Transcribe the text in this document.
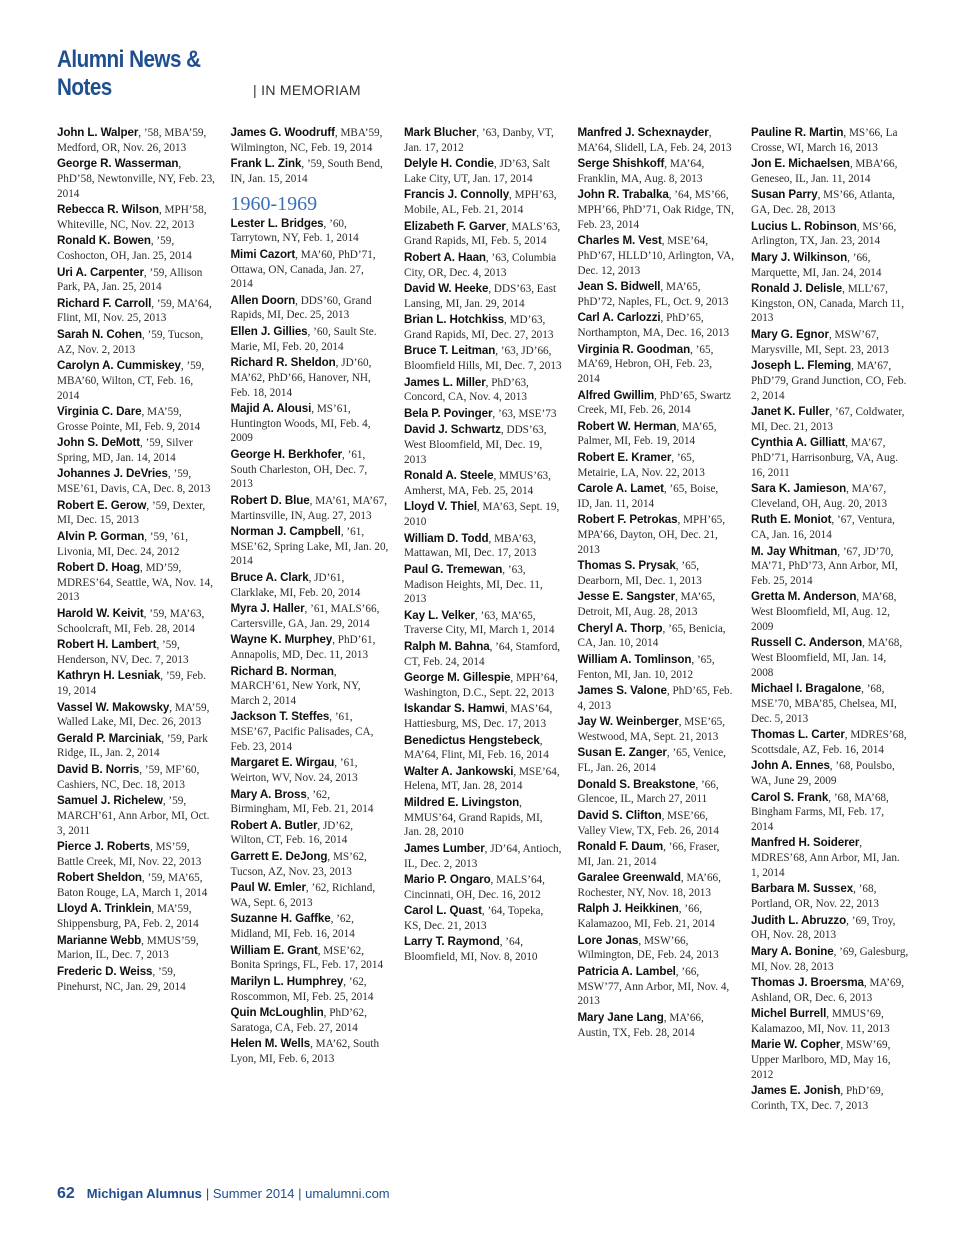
Alumni News & Notes	| IN MEMORIAM
John L. Walper, ’58, MBA’59, Medford, OR, Nov. 26, 2013
George R. Wasserman, PhD’58, Newtonville, NY, Feb. 23, 2014
Rebecca R. Wilson, MPH’58, Whiteville, NC, Nov. 22, 2013
Ronald K. Bowen, ’59, Coshocton, OH, Jan. 25, 2014
Uri A. Carpenter, ’59, Allison Park, PA, Jan. 25, 2014
Richard F. Carroll, ’59, MA’64, Flint, MI, Nov. 25, 2013
Sarah N. Cohen, ’59, Tucson, AZ, Nov. 2, 2013
Carolyn A. Cummiskey, ’59, MBA’60, Wilton, CT, Feb. 16, 2014
Virginia C. Dare, MA’59, Grosse Pointe, MI, Feb. 9, 2014
John S. DeMott, ’59, Silver Spring, MD, Jan. 14, 2014
Johannes J. DeVries, ’59, MSE’61, Davis, CA, Dec. 8, 2013
Robert E. Gerow, ’59, Dexter, MI, Dec. 15, 2013
Alvin P. Gorman, ’59, ’61, Livonia, MI, Dec. 24, 2012
Robert D. Hoag, MD’59, MDRES’64, Seattle, WA, Nov. 14, 2013
Harold W. Keivit, ’59, MA’63, Schoolcraft, MI, Feb. 28, 2014
Robert H. Lambert, ’59, Henderson, NV, Dec. 7, 2013
Kathryn H. Lesniak, ’59, Feb. 19, 2014
Vassel W. Makowsky, MA’59, Walled Lake, MI, Dec. 26, 2013
Gerald P. Marciniak, ’59, Park Ridge, IL, Jan. 2, 2014
David B. Norris, ’59, MF’60, Cashiers, NC, Dec. 18, 2013
Samuel J. Richelew, ’59, MARCH’61, Ann Arbor, MI, Oct. 3, 2011
Pierce J. Roberts, MS’59, Battle Creek, MI, Nov. 22, 2013
Robert Sheldon, ’59, MA’65, Baton Rouge, LA, March 1, 2014
Lloyd A. Trinklein, MA’59, Shippensburg, PA, Feb. 2, 2014
Marianne Webb, MMUS’59, Marion, IL, Dec. 7, 2013
Frederic D. Weiss, ’59, Pinehurst, NC, Jan. 29, 2014
James G. Woodruff, MBA’59, Wilmington, NC, Feb. 19, 2014
Frank L. Zink, ’59, South Bend, IN, Jan. 15, 2014
1960-1969
Lester L. Bridges, ’60, Tarrytown, NY, Feb. 1, 2014
Mimi Cazort, MA’60, PhD’71, Ottawa, ON, Canada, Jan. 27, 2014
Allen Doorn, DDS’60, Grand Rapids, MI, Dec. 25, 2013
Ellen J. Gillies, ’60, Sault Ste. Marie, MI, Feb. 20, 2014
Richard R. Sheldon, JD’60, MA’62, PhD’66, Hanover, NH, Feb. 18, 2014
Majid A. Alousi, MS’61, Huntington Woods, MI, Feb. 4, 2009
George H. Berkhofer, ’61, South Charleston, OH, Dec. 7, 2013
Robert D. Blue, MA’61, MA’67, Martinsville, IN, Aug. 27, 2013
Norman J. Campbell, ’61, MSE’62, Spring Lake, MI, Jan. 20, 2014
Bruce A. Clark, JD’61, Clarklake, MI, Feb. 20, 2014
Myra J. Haller, ’61, MALS’66, Cartersville, GA, Jan. 29, 2014
Wayne K. Murphey, PhD’61, Annapolis, MD, Dec. 11, 2013
Richard B. Norman, MARCH’61, New York, NY, March 2, 2014
Jackson T. Steffes, ’61, MSE’67, Pacific Palisades, CA, Feb. 23, 2014
Margaret E. Wirgau, ’61, Weirton, WV, Nov. 24, 2013
Mary A. Bross, ’62, Birmingham, MI, Feb. 21, 2014
Robert A. Butler, JD’62, Wilton, CT, Feb. 16, 2014
Garrett E. DeJong, MS’62, Tucson, AZ, Nov. 23, 2013
Paul W. Emler, ’62, Richland, WA, Sept. 6, 2013
Suzanne H. Gaffke, ’62, Midland, MI, Feb. 16, 2014
William E. Grant, MSE’62, Bonita Springs, FL, Feb. 17, 2014
Marilyn L. Humphrey, ’62, Roscommon, MI, Feb. 25, 2014
Quin McLoughlin, PhD’62, Saratoga, CA, Feb. 27, 2014
Helen M. Wells, MA’62, South Lyon, MI, Feb. 6, 2013
Mark Blucher, ’63, Danby, VT, Jan. 17, 2012
Delyle H. Condie, JD’63, Salt Lake City, UT, Jan. 17, 2014
Francis J. Connolly, MPH’63, Mobile, AL, Feb. 21, 2014
Elizabeth F. Garver, MALS’63, Grand Rapids, MI, Feb. 5, 2014
Robert A. Haan, ’63, Columbia City, OR, Dec. 4, 2013
David W. Heeke, DDS’63, East Lansing, MI, Jan. 29, 2014
Brian L. Hotchkiss, MD’63, Grand Rapids, MI, Dec. 27, 2013
Bruce T. Leitman, ’63, JD’66, Bloomfield Hills, MI, Dec. 7, 2013
James L. Miller, PhD’63, Concord, CA, Nov. 4, 2013
Bela P. Povinger, ’63, MSE’73
David J. Schwartz, DDS’63, West Bloomfield, MI, Dec. 19, 2013
Ronald A. Steele, MMUS’63, Amherst, MA, Feb. 25, 2014
Lloyd V. Thiel, MA’63, Sept. 19, 2010
William D. Todd, MBA’63, Mattawan, MI, Dec. 17, 2013
Paul G. Tremewan, ’63, Madison Heights, MI, Dec. 11, 2013
Kay L. Velker, ’63, MA’65, Traverse City, MI, March 1, 2014
Ralph M. Bahna, ’64, Stamford, CT, Feb. 24, 2014
George M. Gillespie, MPH’64, Washington, D.C., Sept. 22, 2013
Iskandar S. Hamwi, MAS’64, Hattiesburg, MS, Dec. 17, 2013
Benedictus Hengstebeck, MA’64, Flint, MI, Feb. 16, 2014
Walter A. Jankowski, MSE’64, Helena, MT, Jan. 28, 2014
Mildred E. Livingston, MMUS’64, Grand Rapids, MI, Jan. 28, 2010
James Lumber, JD’64, Antioch, IL, Dec. 2, 2013
Mario P. Ongaro, MALS’64, Cincinnati, OH, Dec. 16, 2012
Carol L. Quast, ’64, Topeka, KS, Dec. 21, 2013
Larry T. Raymond, ’64, Bloomfield, MI, Nov. 8, 2010
Manfred J. Schexnayder, MA’64, Slidell, LA, Feb. 24, 2013
Serge Shishkoff, MA’64, Franklin, MA, Aug. 8, 2013
John R. Trabalka, ’64, MS’66, MPH’66, PhD’71, Oak Ridge, TN, Feb. 23, 2014
Charles M. Vest, MSE’64, PhD’67, HLLD’10, Arlington, VA, Dec. 12, 2013
Jean S. Bidwell, MA’65, PhD’72, Naples, FL, Oct. 9, 2013
Carl A. Carlozzi, PhD’65, Northampton, MA, Dec. 16, 2013
Virginia R. Goodman, ’65, MA’69, Hebron, OH, Feb. 23, 2014
Alfred Gwillim, PhD’65, Swartz Creek, MI, Feb. 26, 2014
Robert W. Herman, MA’65, Palmer, MI, Feb. 19, 2014
Robert E. Kramer, ’65, Metairie, LA, Nov. 22, 2013
Carole A. Lamet, ’65, Boise, ID, Jan. 11, 2014
Robert F. Petrokas, MPH’65, MPA’66, Dayton, OH, Dec. 21, 2013
Thomas S. Prysak, ’65, Dearborn, MI, Dec. 1, 2013
Jesse E. Sangster, MA’65, Detroit, MI, Aug. 28, 2013
Cheryl A. Thorp, ’65, Benicia, CA, Jan. 10, 2014
William A. Tomlinson, ’65, Fenton, MI, Jan. 10, 2012
James S. Valone, PhD’65, Feb. 4, 2013
Jay W. Weinberger, MSE’65, Westwood, MA, Sept. 21, 2013
Susan E. Zanger, ’65, Venice, FL, Jan. 26, 2014
Donald S. Breakstone, ’66, Glencoe, IL, March 27, 2011
David S. Clifton, MSE’66, Valley View, TX, Feb. 26, 2014
Ronald F. Daum, ’66, Fraser, MI, Jan. 21, 2014
Garalee Greenwald, MA’66, Rochester, NY, Nov. 18, 2013
Ralph J. Heikkinen, ’66, Kalamazoo, MI, Feb. 21, 2014
Lore Jonas, MSW’66, Wilmington, DE, Feb. 24, 2013
Patricia A. Lambel, ’66, MSW’77, Ann Arbor, MI, Nov. 4, 2013
Mary Jane Lang, MA’66, Austin, TX, Feb. 28, 2014
Pauline R. Martin, MS’66, La Crosse, WI, March 16, 2013
Jon E. Michaelsen, MBA’66, Geneseo, IL, Jan. 11, 2014
Susan Parry, MS’66, Atlanta, GA, Dec. 28, 2013
Lucius L. Robinson, MS’66, Arlington, TX, Jan. 23, 2014
Mary J. Wilkinson, ’66, Marquette, MI, Jan. 24, 2014
Ronald J. Delisle, MLL’67, Kingston, ON, Canada, March 11, 2013
Mary G. Egnor, MSW’67, Marysville, MI, Sept. 23, 2013
Joseph L. Fleming, MA’67, PhD’79, Grand Junction, CO, Feb. 2, 2014
Janet K. Fuller, ’67, Coldwater, MI, Dec. 21, 2013
Cynthia A. Gilliatt, MA’67, PhD’71, Harrisonburg, VA, Aug. 16, 2011
Sara K. Jamieson, MA’67, Cleveland, OH, Aug. 20, 2013
Ruth E. Moniot, ’67, Ventura, CA, Jan. 16, 2014
M. Jay Whitman, ’67, JD’70, MA’71, PhD’73, Ann Arbor, MI, Feb. 25, 2014
Gretta M. Anderson, MA’68, West Bloomfield, MI, Aug. 12, 2009
Russell C. Anderson, MA’68, West Bloomfield, MI, Jan. 14, 2008
Michael I. Bragalone, ’68, MSE’70, MBA’85, Chelsea, MI, Dec. 5, 2013
Thomas L. Carter, MDRES’68, Scottsdale, AZ, Feb. 16, 2014
John A. Ennes, ’68, Poulsbo, WA, June 29, 2009
Carol S. Frank, ’68, MA’68, Bingham Farms, MI, Feb. 17, 2014
Manfred H. Soiderer, MDRES’68, Ann Arbor, MI, Jan. 1, 2014
Barbara M. Sussex, ’68, Portland, OR, Nov. 22, 2013
Judith L. Abruzzo, ’69, Troy, OH, Nov. 28, 2013
Mary A. Bonine, ’69, Galesburg, MI, Nov. 28, 2013
Thomas J. Broersma, MA’69, Ashland, OR, Dec. 6, 2013
Michel Burrell, MMUS’69, Kalamazoo, MI, Nov. 11, 2013
Marie W. Copher, MSW’69, Upper Marlboro, MD, May 16, 2012
James E. Jonish, PhD’69, Corinth, TX, Dec. 7, 2013
62 Michigan Alumnus | Summer 2014 | umalumni.com
